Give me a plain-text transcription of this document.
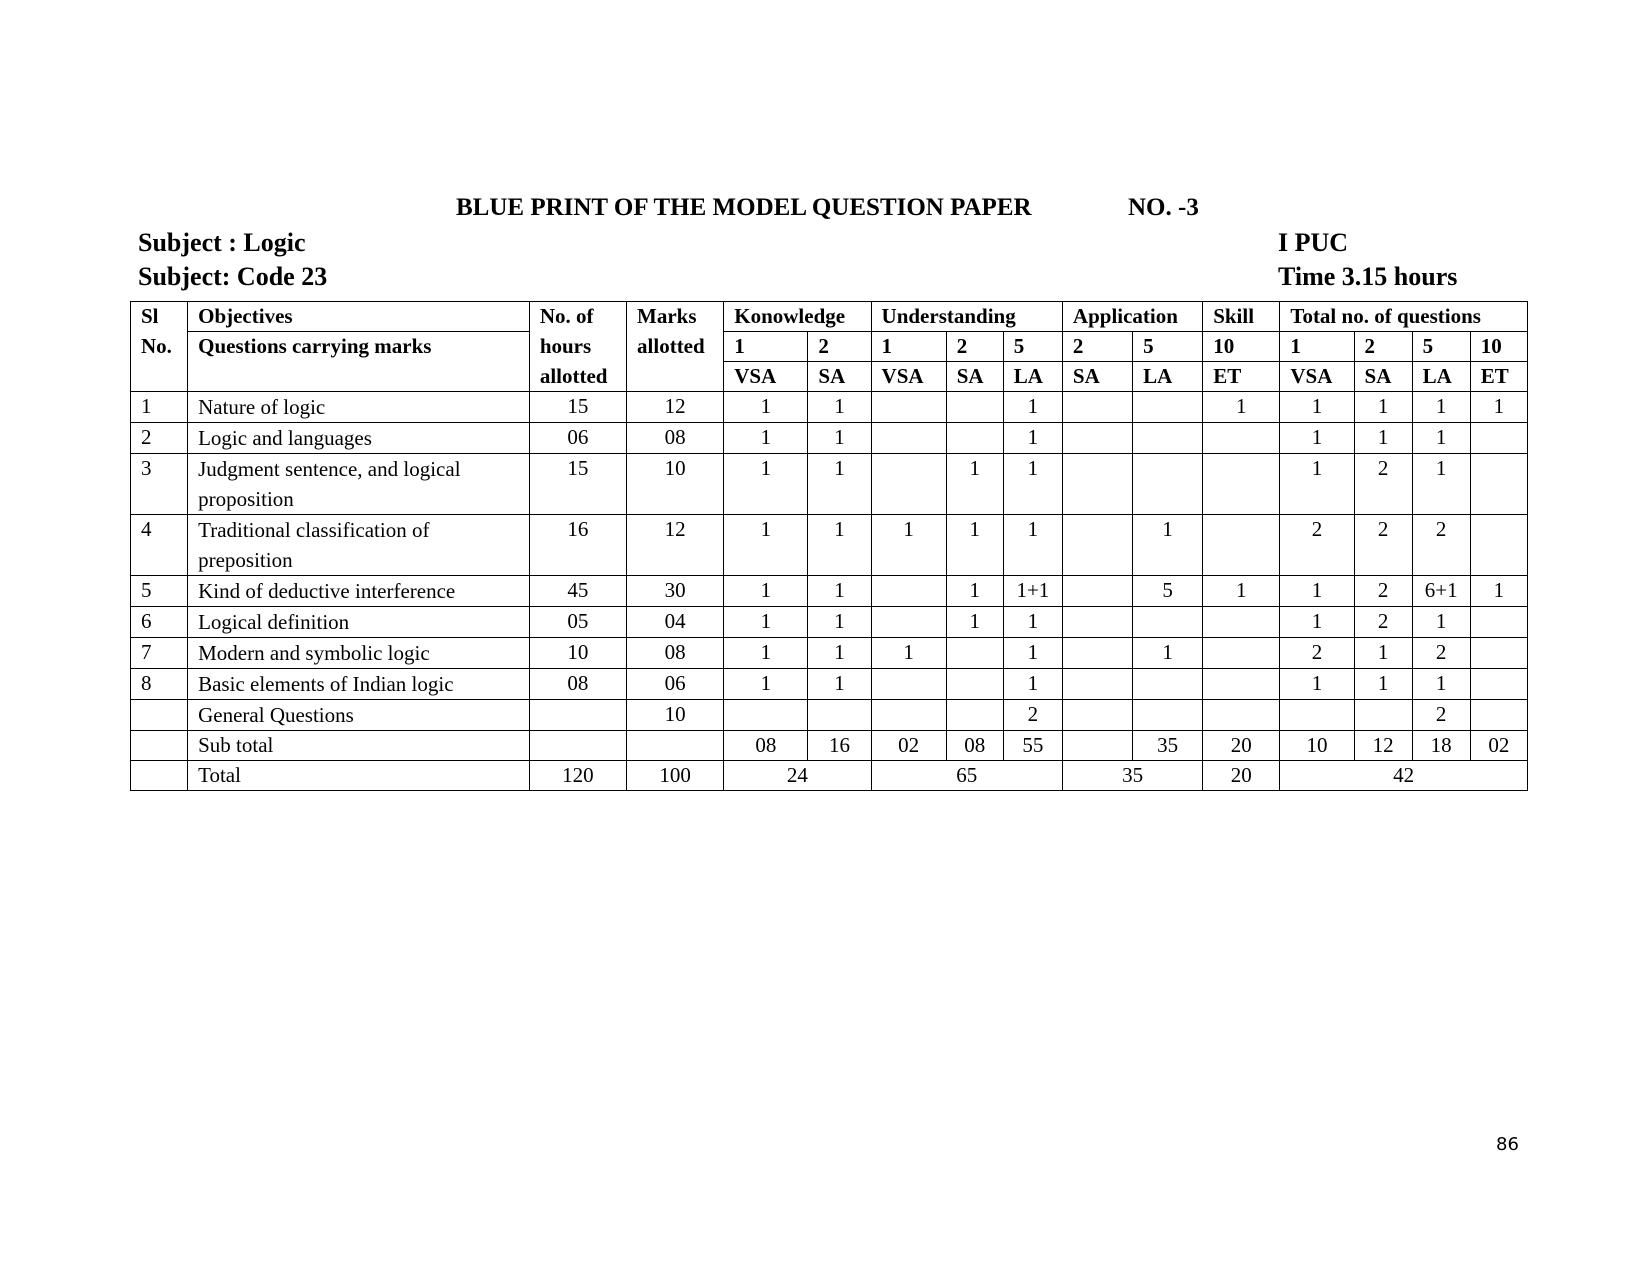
BLUE PRINT OF THE MODEL QUESTION PAPER	NO. -3
Subject : Logic
Subject: Code 23
I PUC
Time 3.15 hours
Sl	Objectives	No. of	Marks	Konowledge		Understanding			Application		Skill	Total no. of questions			
No.	Questions carrying marks	hours	allotted	1	2	1	2	5	2	5	10	1	2	5	10
		allotted		VSA	SA	VSA	SA	LA	SA	LA	ET	VSA	SA	LA	ET
1	Nature of logic	15	12	1	1			1			1	1	1	1	1
2	Logic and languages	06	08	1	1			1				1	1	1	
3	Judgment sentence, and logical proposition	15	10	1	1		1	1				1	2	1	
4	Traditional classification of preposition	16	12	1	1	1	1	1		1		2	2	2	
5	Kind of deductive interference	45	30	1	1		1	1+1		5	1	1	2	6+1	1
6	Logical definition	05	04	1	1		1	1				1	2	1	
7	Modern and symbolic logic	10	08	1	1	1		1		1		2	1	2	
8	Basic elements of Indian logic	08	06	1	1			1				1	1	1	
	General Questions		10					2						2	
	Sub total			08	16	02	08	55		35	20	10	12	18	02
	Total	120	100	24		65			35		20	42			
86
